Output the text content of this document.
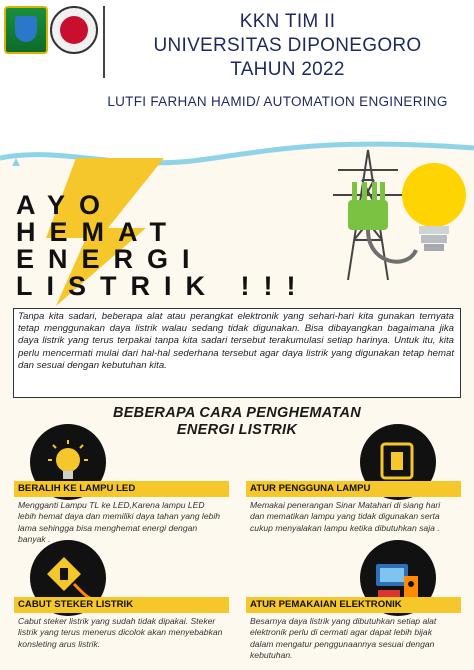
KKN TIM II
UNIVERSITAS DIPONEGORO
TAHUN 2022
LUTFI FARHAN HAMID/ AUTOMATION ENGINERING
AYO
HEMAT
ENERGI
LISTRIK !!!
Tanpa kita sadari, beberapa alat atau perangkat elektronik yang sehari-hari kita gunakan ternyata tetap menggunakan daya listrik walau sedang tidak digunakan. Bisa dibayangkan bagaimana jika daya listrik yang terus terpakai tanpa kita sadari tersebut terakumulasi setiap harinya. Untuk itu, kita perlu mencermati mulai dari hal-hal sederhana tersebut agar daya listrik yang digunakan tetap hemat dan sesuai dengan kebutuhan kita.
BEBERAPA CARA PENGHEMATAN
ENERGI LISTRIK
BERALIH KE LAMPU LED
Mengganti Lampu TL ke LED,Karena lampu LED lebih hemat daya dan memiliki daya tahan yang lebih lama sehingga bisa menghemat energi dengan banyak .
ATUR PENGGUNA LAMPU
Memakai penerangan Sinar Matahari di siang hari dan mematikan lampu yang tidak digunakan serta cukup menyalakan lampu ketika dibutuhkan saja .
CABUT STEKER LISTRIK
Cabut steker listrik yang sudah tidak dipakai. Steker listrik yang terus menerus dicolok akan menyebabkan konsleting arus listrik.
ATUR PEMAKAIAN ELEKTRONIK
Besarnya daya listrik yang dibutuhkan setiap alat elektronik perlu di cermati agar dapat lebih bijak dalam mengatur penggunaannya sesuai dengan kebutuhan.
